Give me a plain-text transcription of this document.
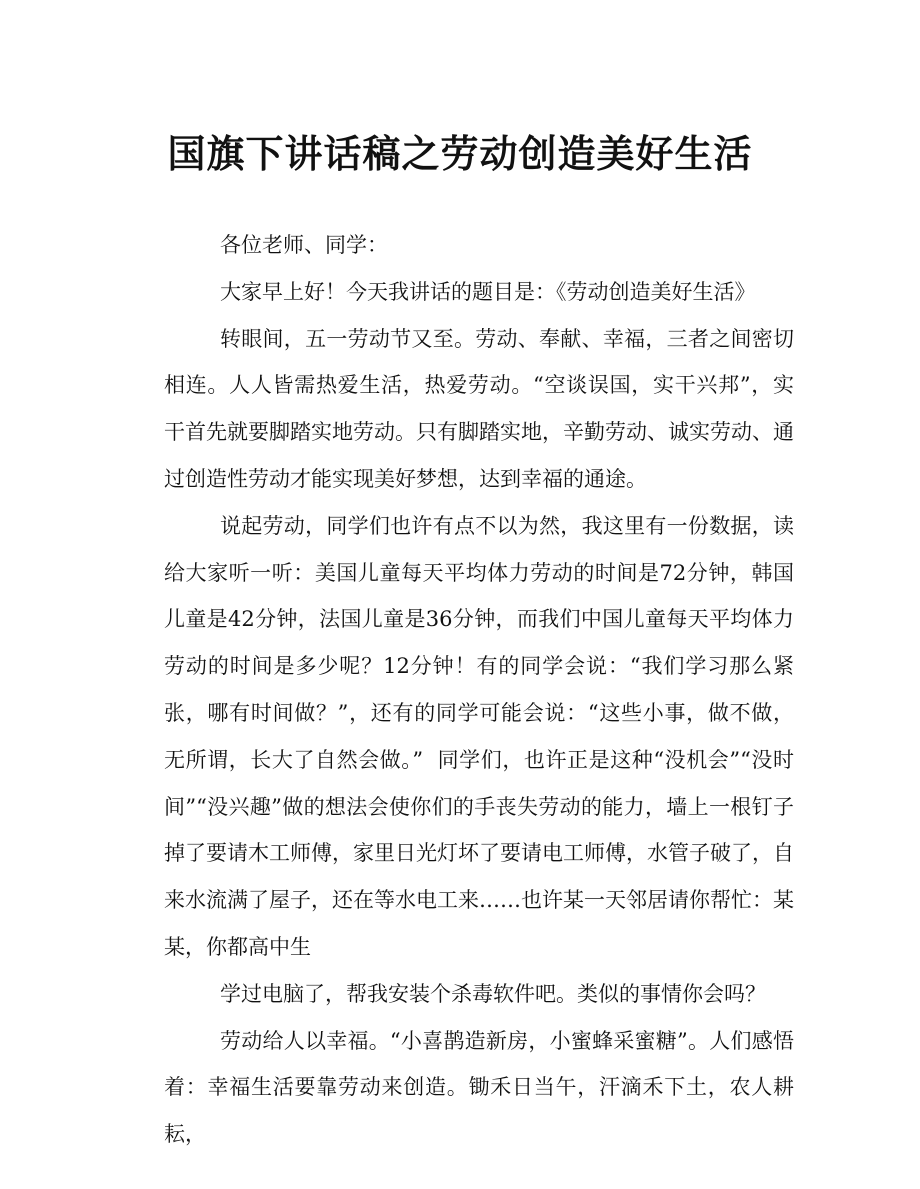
国旗下讲话稿之劳动创造美好生活

各位老师、同学：

大家早上好！今天我讲话的题目是：《劳动创造美好生活》

转眼间，五一劳动节又至。劳动、奉献、幸福，三者之间密切相连。人人皆需热爱生活，热爱劳动。“空谈误国，实干兴邦”，实干首先就要脚踏实地劳动。只有脚踏实地，辛勤劳动、诚实劳动、通过创造性劳动才能实现美好梦想，达到幸福的通途。

说起劳动，同学们也许有点不以为然，我这里有一份数据，读给大家听一听：美国儿童每天平均体力劳动的时间是72分钟，韩国儿童是42分钟，法国儿童是36分钟，而我们中国儿童每天平均体力劳动的时间是多少呢？12分钟！有的同学会说：“我们学习那么紧张，哪有时间做？”，还有的同学可能会说：“这些小事，做不做，无所谓，长大了自然会做。”  同学们，也许正是这种“没机会”“没时间”“没兴趣”做的想法会使你们的手丧失劳动的能力，墙上一根钉子掉了要请木工师傅，家里日光灯坏了要请电工师傅，水管子破了，自来水流满了屋子，还在等水电工来……也许某一天邻居请你帮忙：某某，你都高中生

学过电脑了，帮我安装个杀毒软件吧。类似的事情你会吗？

劳动给人以幸福。“小喜鹊造新房，小蜜蜂采蜜糖”。人们感悟着：幸福生活要靠劳动来创造。锄禾日当午，汗滴禾下土，农人耕耘，
